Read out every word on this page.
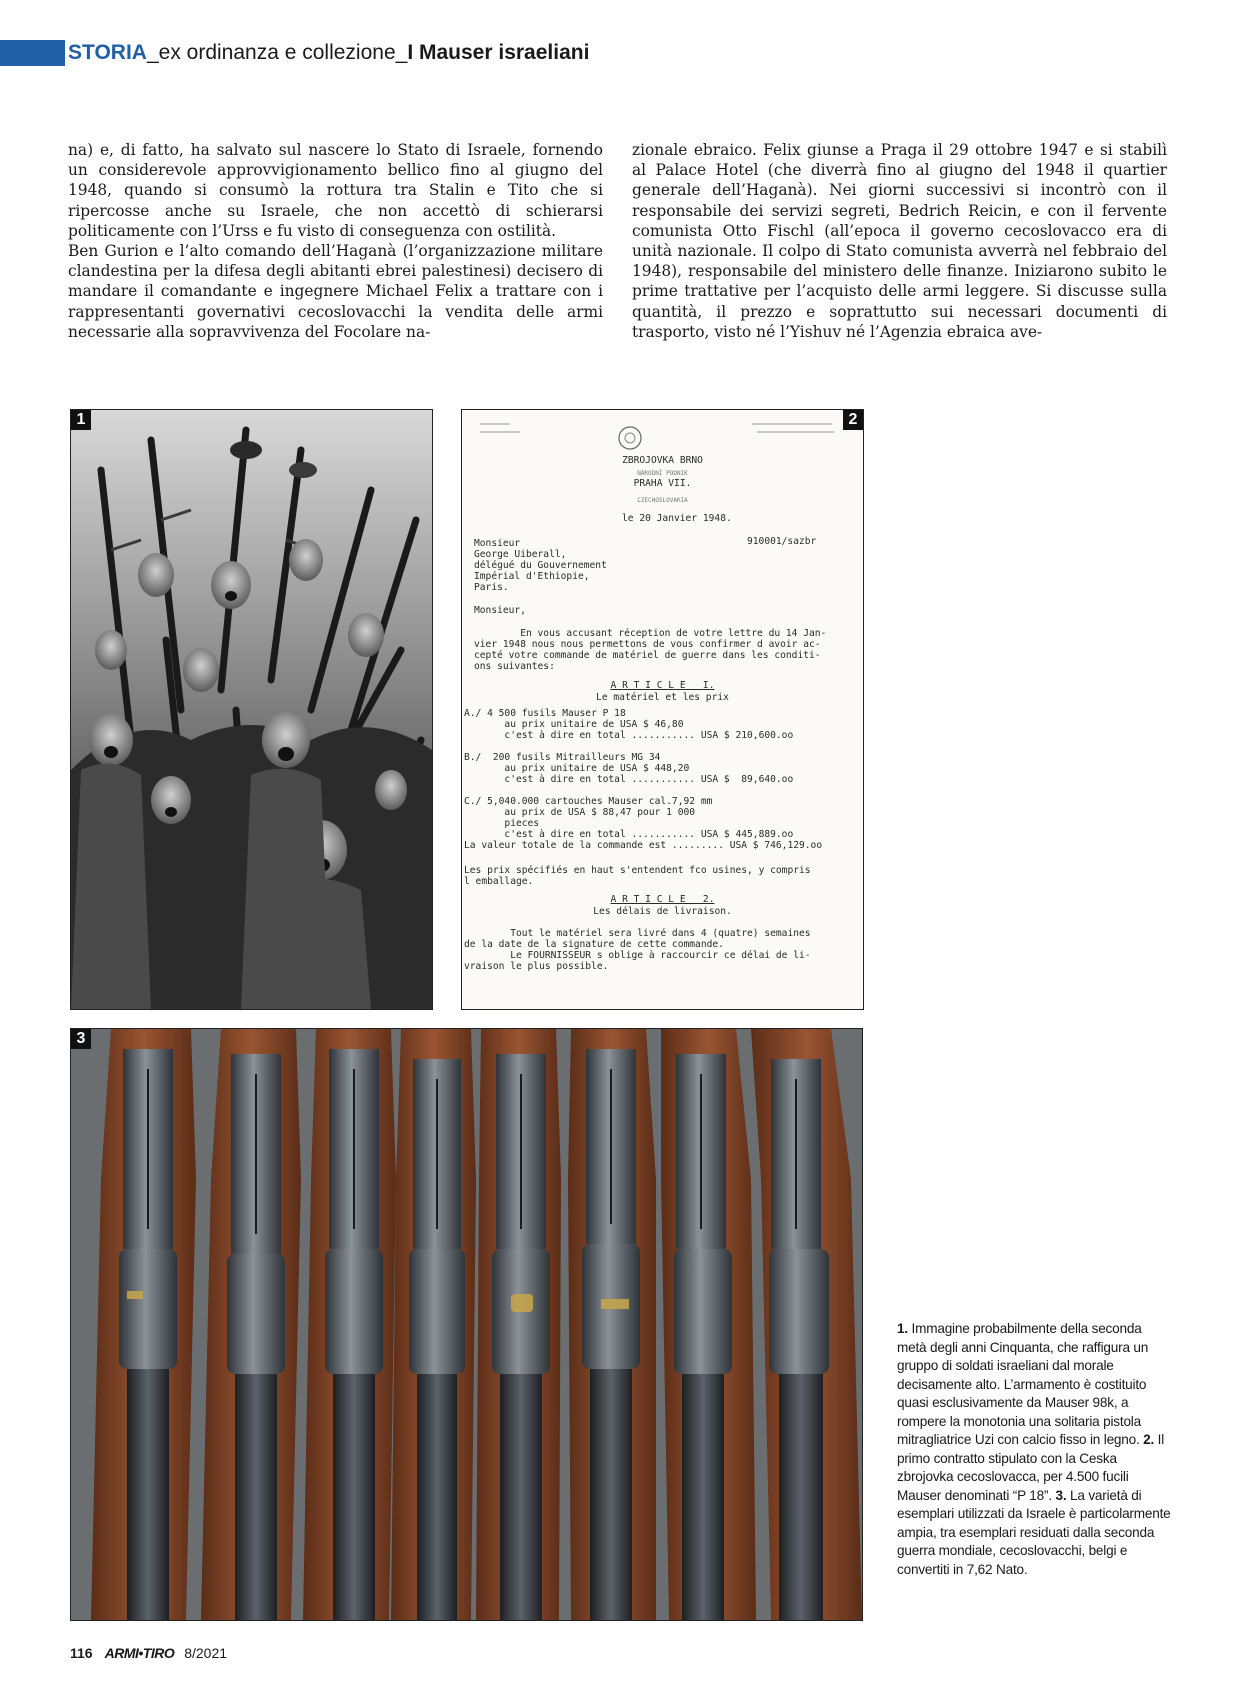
STORIA_ex ordinanza e collezione_I Mauser israeliani

na) e, di fatto, ha salvato sul nascere lo Stato di Israele, fornendo un considerevole approvvigionamento bellico fino al giugno del 1948, quando si consumò la rottura tra Stalin e Tito che si ripercosse anche su Israele, che non accettò di schierarsi politicamente con l’Urss e fu visto di conseguenza con ostilità.

Ben Gurion e l’alto comando dell’Haganà (l’organizzazione militare clandestina per la difesa degli abitanti ebrei palestinesi) decisero di mandare il comandante e ingegnere Michael Felix a trattare con i rappresentanti governativi cecoslovacchi la vendita delle armi necessarie alla sopravvivenza del Focolare na-

zionale ebraico. Felix giunse a Praga il 29 ottobre 1947 e si stabilì al Palace Hotel (che diverrà fino al giugno del 1948 il quartier generale dell’Haganà). Nei giorni successivi si incontrò con il responsabile dei servizi segreti, Bedrich Reicin, e con il fervente comunista Otto Fischl (all’epoca il governo cecoslovacco era di unità nazionale. Il colpo di Stato comunista avverrà nel febbraio del 1948), responsabile del ministero delle finanze. Iniziarono subito le prime trattative per l’acquisto delle armi leggere. Si discusse sulla quantità, il prezzo e soprattutto sui necessari documenti di trasporto, visto né l’Yishuv né l’Agenzia ebraica ave-

1	2
ZBROJOVKA BRNO
NÁRODNÍ PODNIK
PRAHA VII.
CZECHOSLOVAKIA
le 20 Janvier 1948.
910001/sazbr
Monsieur
George Uiberall,
délégué du Gouvernement
Impérial d'Ethiopie,
Paris.
Monsieur,
En vous accusant réception de votre lettre du 14 Jan-
vier 1948 nous nous permettons de vous confirmer d avoir ac-
cepté votre commande de matériel de guerre dans les conditi-
ons suivantes:
A R T I C L E   I.
Le matériel et les prix
A./ 4 500 fusils Mauser P 18
au prix unitaire de USA $ 46,80
c'est à dire en total ........... USA $ 210,600.oo

B./  200 fusils Mitrailleurs MG 34
au prix unitaire de USA $ 448,20
c'est à dire en total ........... USA $  89,640.oo

C./ 5,040.000 cartouches Mauser cal.7,92 mm
au prix de USA $ 88,47 pour 1 000
pieces
c'est à dire en total ........... USA $ 445,889.oo
La valeur totale de la commande est ......... USA $ 746,129.oo
Les prix spécifiés en haut s'entendent fco usines, y compris
l emballage.
A R T I C L E   2.
Les délais de livraison.
Tout le matériel sera livré dans 4 (quatre) semaines
de la date de la signature de cette commande.
Le FOURNISSEUR s oblige à raccourcir ce délai de li-
vraison le plus possible.
3
1. Immagine probabilmente della seconda metà degli anni Cinquanta, che raffigura un gruppo di soldati israeliani dal morale decisamente alto. L’armamento è costituito quasi esclusivamente da Mauser 98k, a rompere la monotonia una solitaria pistola mitragliatrice Uzi con calcio fisso in legno. 2. Il primo contratto stipulato con la Ceska zbrojovka cecoslovacca, per 4.500 fucili Mauser denominati “P 18”. 3. La varietà di esemplari utilizzati da Israele è particolarmente ampia, tra esemplari residuati dalla seconda guerra mondiale, cecoslovacchi, belgi e convertiti in 7,62 Nato.
116 ARMI•TIRO 8/2021
